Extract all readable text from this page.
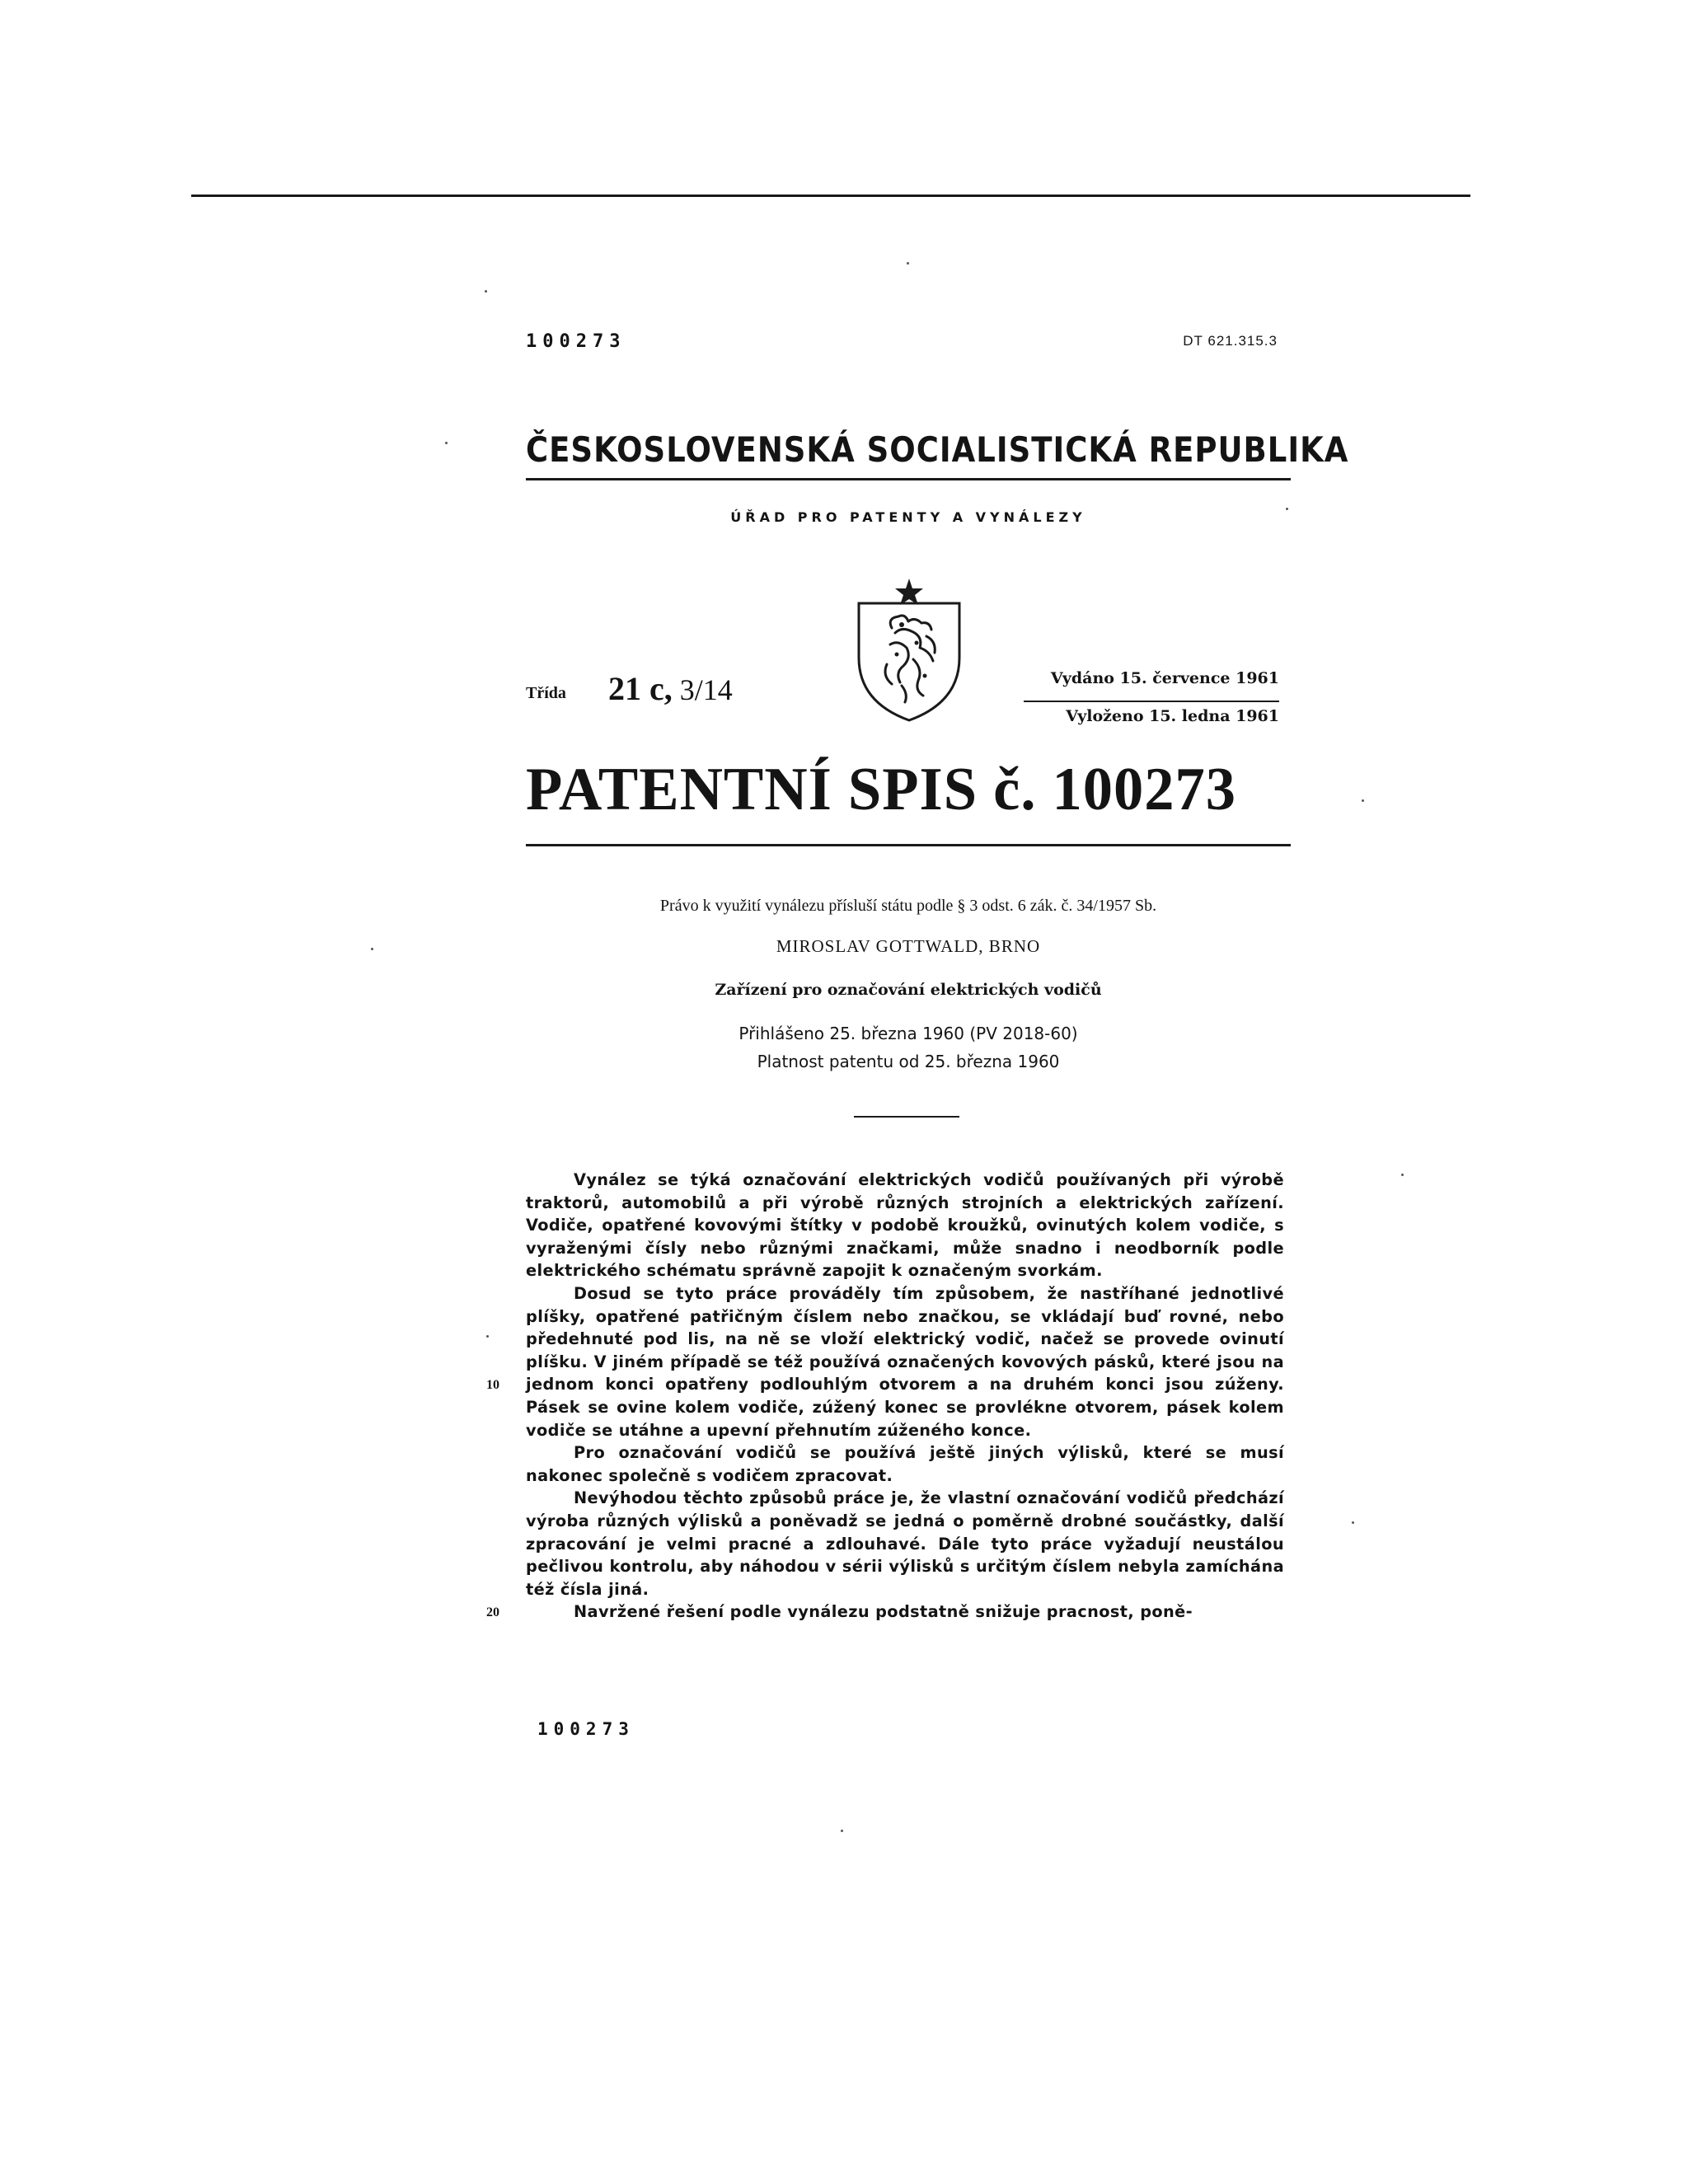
100273	DT 621.315.3
ČESKOSLOVENSKÁ SOCIALISTICKÁ REPUBLIKA
ÚŘAD PRO PATENTY A VYNÁLEZY
Třída 21 c, 3/14	Vydáno 15. července 1961
Vyloženo 15. ledna 1961
PATENTNÍ SPIS č. 100273
Právo k využití vynálezu přísluší státu podle § 3 odst. 6 zák. č. 34/1957 Sb.
MIROSLAV GOTTWALD, BRNO
Zařízení pro označování elektrických vodičů
Přihlášeno 25. března 1960 (PV 2018-60)
Platnost patentu od 25. března 1960

Vynález se týká označování elektrických vodičů používaných při výrobě traktorů, automobilů a při výrobě různých strojních a elektrických zařízení. Vodiče, opatřené kovovými štítky v podobě kroužků, ovinutých kolem vodiče, s vyraženými čísly nebo různými značkami, může snadno i neodborník podle elektrického schématu správně zapojit k označeným svorkám.

Dosud se tyto práce prováděly tím způsobem, že nastříhané jednotlivé plíšky, opatřené patřičným číslem nebo značkou, se vkládají buď rovné, nebo předehnuté pod lis, na ně se vloží elektrický vodič, načež se provede ovinutí plíšku. V jiném případě se též používá označených kovových pásků, které jsou na jednom konci opatřeny podlouhlým otvorem a na druhém konci jsou zúženy. Pásek se ovine kolem vodiče, zúžený konec se provlékne otvorem, pásek kolem vodiče se utáhne a upevní přehnutím zúženého konce.

Pro označování vodičů se používá ještě jiných výlisků, které se musí nakonec společně s vodičem zpracovat.

Nevýhodou těchto způsobů práce je, že vlastní označování vodičů předchází výroba různých výlisků a poněvadž se jedná o poměrně drobné součástky, další zpracování je velmi pracné a zdlouhavé. Dále tyto práce vyžadují neustálou pečlivou kontrolu, aby náhodou v sérii výlisků s určitým číslem nebyla zamíchána též čísla jiná.

Navržené řešení podle vynálezu podstatně snižuje pracnost, poně-

10
20
100273
